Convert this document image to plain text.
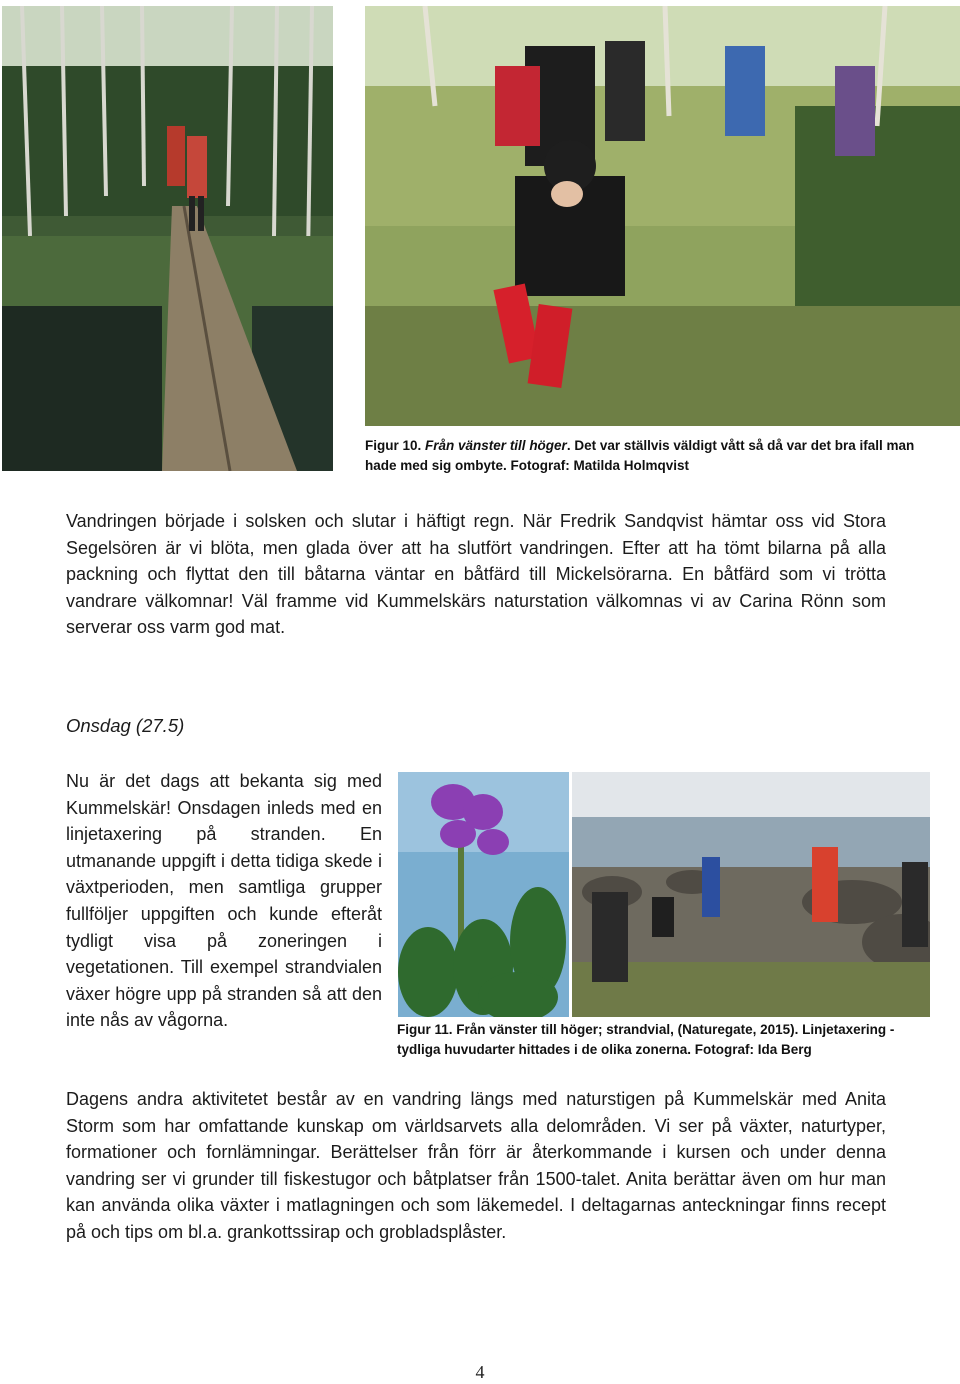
Figur 10. Från vänster till höger. Det var ställvis väldigt vått så då var det bra ifall man hade med sig ombyte. Fotograf: Matilda Holmqvist
Vandringen började i solsken och slutar i häftigt regn. När Fredrik Sandqvist hämtar oss vid Stora Segelsören är vi blöta, men glada över att ha slutfört vandringen. Efter att ha tömt bilarna på alla packning och flyttat den till båtarna väntar en båtfärd till Mickelsörarna. En båtfärd som vi trötta vandrare välkomnar! Väl framme vid Kummelskärs naturstation välkomnas vi av Carina Rönn som serverar oss varm god mat.
Onsdag (27.5)
Nu är det dags att bekanta sig med Kummelskär! Onsdagen inleds med en linjetaxering på stranden. En utmanande uppgift i detta tidiga skede i växtperioden, men samtliga grupper fullföljer uppgiften och kunde efteråt tydligt visa på zoneringen i vegetationen. Till exempel strandvialen växer högre upp på stranden så att den inte nås av vågorna.	Figur 11. Från vänster till höger; strandvial, (Naturegate, 2015). Linjetaxering - tydliga huvudarter hittades i de olika zonerna. Fotograf: Ida Berg
Dagens andra aktivitetet består av en vandring längs med naturstigen på Kummelskär med Anita Storm som har omfattande kunskap om världsarvets alla delområden. Vi ser på växter, naturtyper, formationer och fornlämningar. Berättelser från förr är återkommande i kursen och under denna vandring ser vi grunder till fiskestugor och båtplatser från 1500-talet. Anita berättar även om hur man kan använda olika växter i matlagningen och som läkemedel. I deltagarnas anteckningar finns recept på och tips om bl.a. grankottssirap och grobladsplåster.
4
